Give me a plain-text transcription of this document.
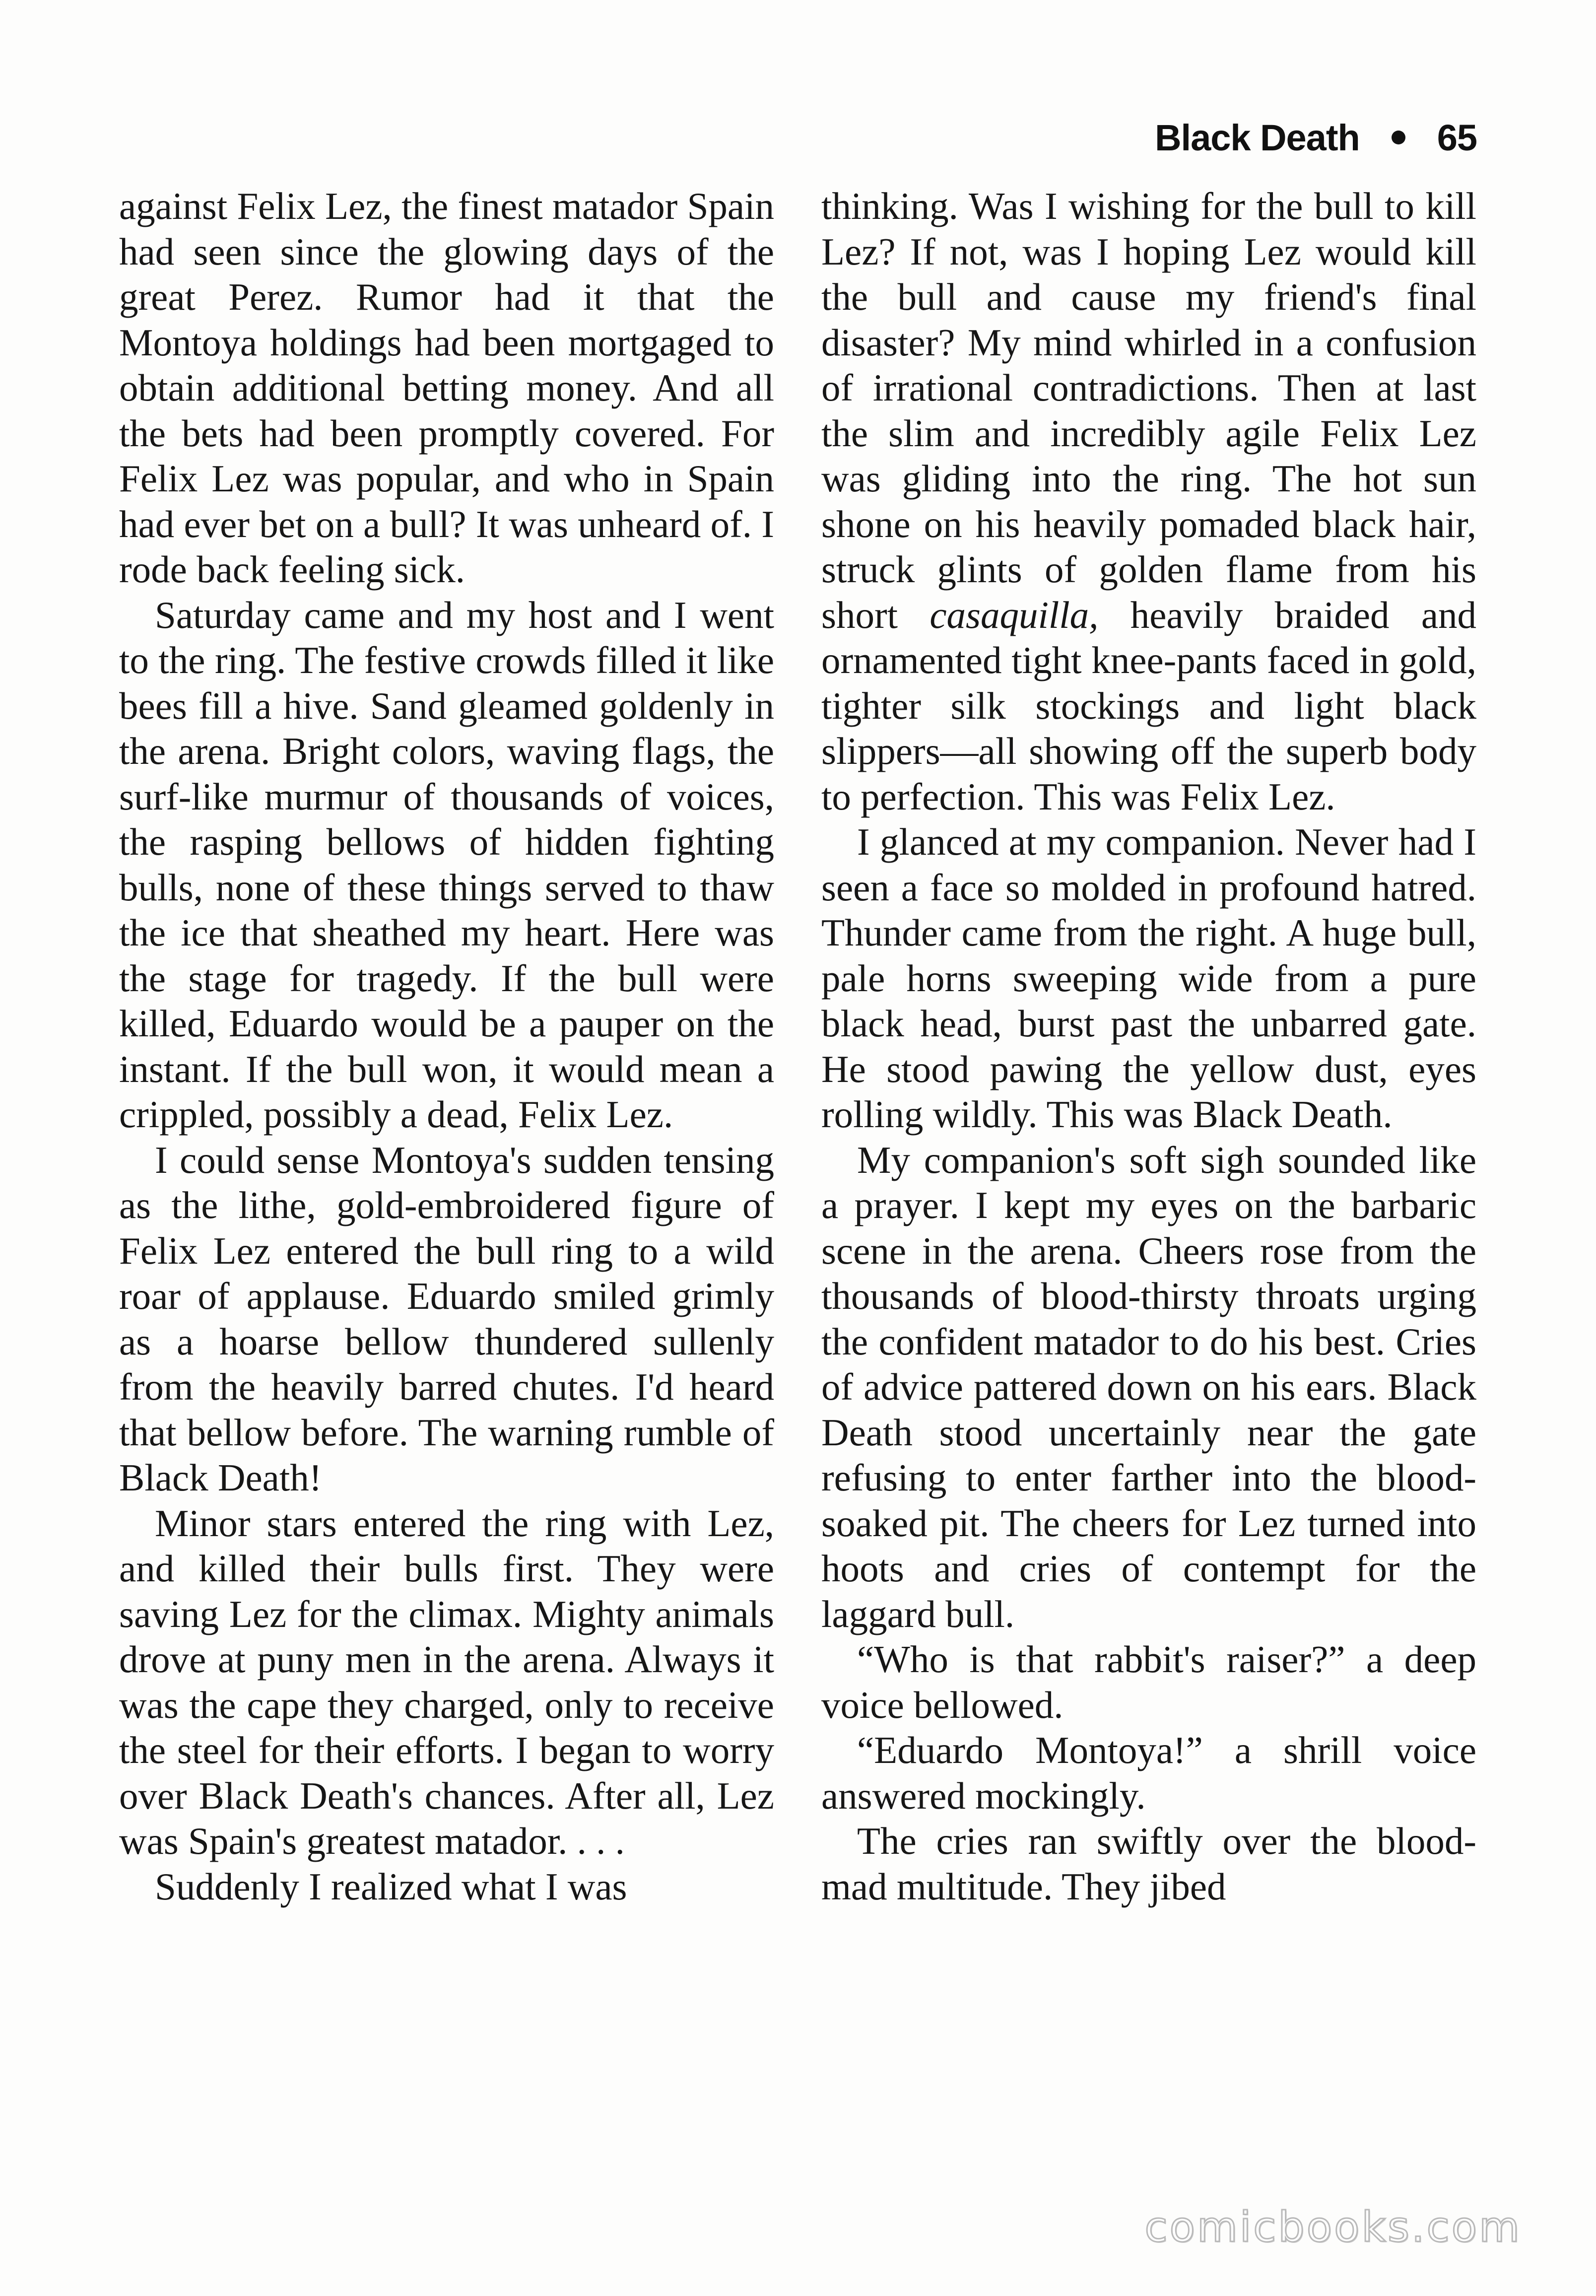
Black Death 65

against Felix Lez, the finest matador Spain had seen since the glowing days of the great Perez. Rumor had it that the Montoya holdings had been mortgaged to obtain additional betting money. And all the bets had been promptly covered. For Felix Lez was popular, and who in Spain had ever bet on a bull? It was unheard of. I rode back feeling sick.

Saturday came and my host and I went to the ring. The festive crowds filled it like bees fill a hive. Sand gleamed goldenly in the arena. Bright colors, waving flags, the surf-like murmur of thousands of voices, the rasping bellows of hidden fighting bulls, none of these things served to thaw the ice that sheathed my heart. Here was the stage for tragedy. If the bull were killed, Eduardo would be a pauper on the instant. If the bull won, it would mean a crippled, possibly a dead, Felix Lez.

I could sense Montoya's sudden tensing as the lithe, gold-embroidered figure of Felix Lez entered the bull ring to a wild roar of applause. Eduardo smiled grimly as a hoarse bellow thundered sullenly from the heavily barred chutes. I'd heard that bellow before. The warning rumble of Black Death!

Minor stars entered the ring with Lez, and killed their bulls first. They were saving Lez for the climax. Mighty animals drove at puny men in the arena. Always it was the cape they charged, only to receive the steel for their efforts. I began to worry over Black Death's chances. After all, Lez was Spain's greatest matador. . . .

Suddenly I realized what I was

thinking. Was I wishing for the bull to kill Lez? If not, was I hoping Lez would kill the bull and cause my friend's final disaster? My mind whirled in a confusion of irrational contradictions. Then at last the slim and incredibly agile Felix Lez was gliding into the ring. The hot sun shone on his heavily pomaded black hair, struck glints of golden flame from his short casaquilla, heavily braided and ornamented tight knee-pants faced in gold, tighter silk stockings and light black slippers—all showing off the superb body to perfection. This was Felix Lez.

I glanced at my companion. Never had I seen a face so molded in profound hatred. Thunder came from the right. A huge bull, pale horns sweeping wide from a pure black head, burst past the unbarred gate. He stood pawing the yellow dust, eyes rolling wildly. This was Black Death.

My companion's soft sigh sounded like a prayer. I kept my eyes on the barbaric scene in the arena. Cheers rose from the thousands of blood-thirsty throats urging the confident matador to do his best. Cries of advice pattered down on his ears. Black Death stood uncertainly near the gate refusing to enter farther into the blood-soaked pit. The cheers for Lez turned into hoots and cries of contempt for the laggard bull.

“Who is that rabbit's raiser?” a deep voice bellowed.

“Eduardo Montoya!” a shrill voice answered mockingly.

The cries ran swiftly over the blood-mad multitude. They jibed

comicbooks.com
